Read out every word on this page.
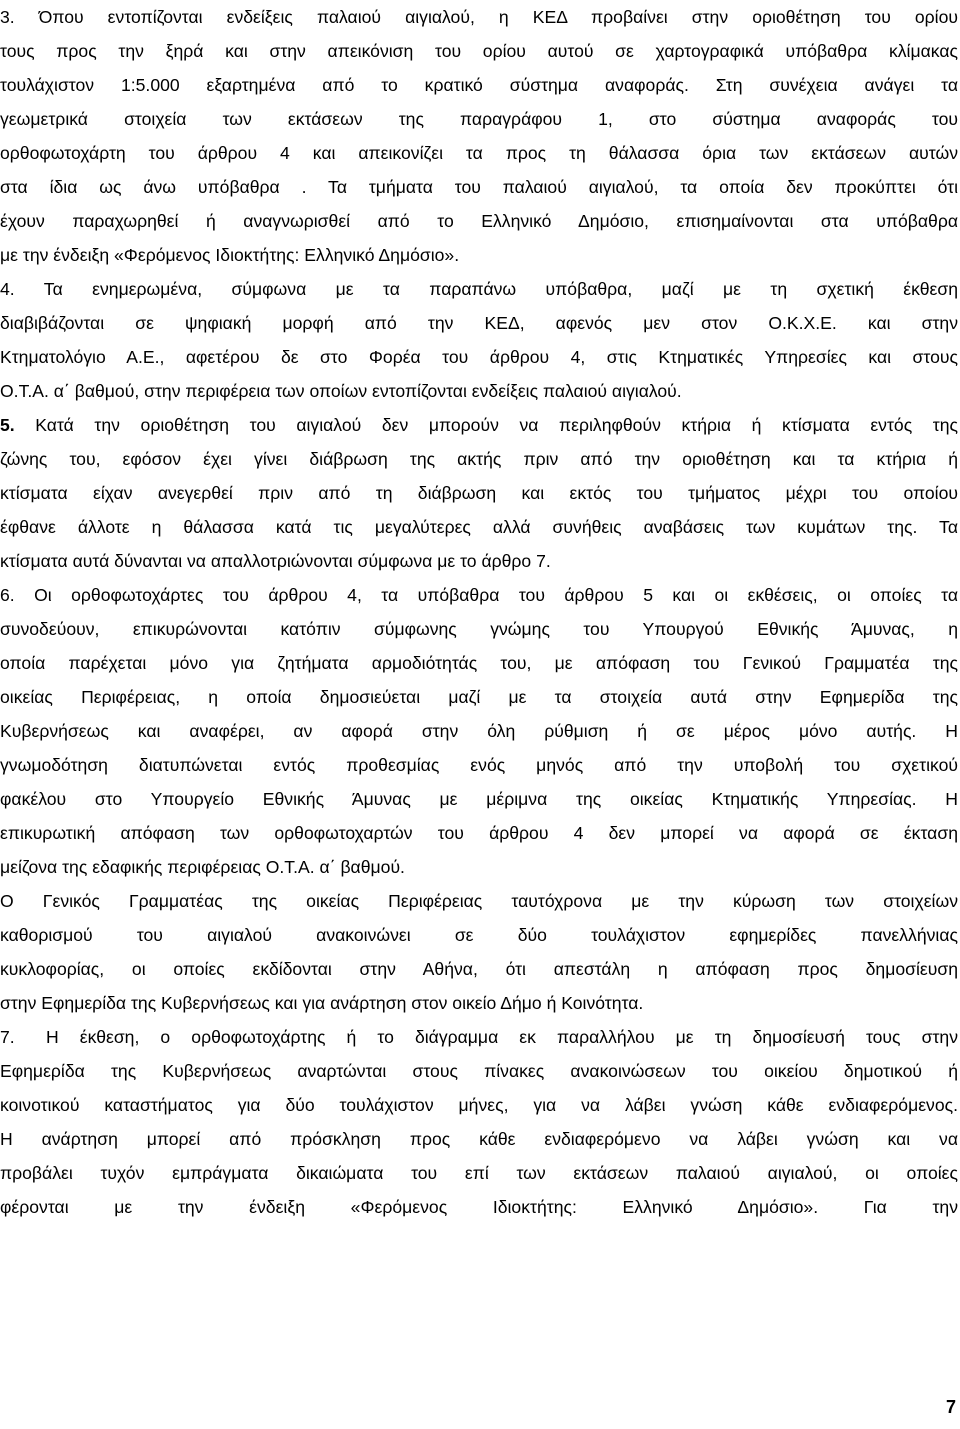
3. Όπου εντοπίζονται ενδείξεις παλαιού αιγιαλού, η ΚΕΔ προβαίνει στην οριοθέτηση του ορίου
τους προς την ξηρά και στην απεικόνιση του ορίου αυτού σε χαρτογραφικά υπόβαθρα κλίμακας
τουλάχιστον 1:5.000 εξαρτημένα από το κρατικό σύστημα αναφοράς. Στη συνέχεια ανάγει τα
γεωμετρικά στοιχεία των εκτάσεων της παραγράφου 1, στο σύστημα αναφοράς του
ορθοφωτοχάρτη του άρθρου 4 και απεικονίζει τα προς τη θάλασσα όρια των εκτάσεων αυτών
στα ίδια ως άνω υπόβαθρα . Τα τμήματα του παλαιού αιγιαλού, τα οποία δεν προκύπτει ότι
έχουν παραχωρηθεί ή αναγνωρισθεί από το Ελληνικό Δημόσιο, επισημαίνονται στα υπόβαθρα
με την ένδειξη «Φερόμενος Ιδιοκτήτης: Ελληνικό Δημόσιο».
4. Τα ενημερωμένα, σύμφωνα με τα παραπάνω υπόβαθρα, μαζί με τη σχετική έκθεση
διαβιβάζονται σε ψηφιακή μορφή από την ΚΕΔ, αφενός μεν στον Ο.Κ.Χ.Ε. και στην
Κτηματολόγιο Α.Ε., αφετέρου δε στο Φορέα του άρθρου 4, στις Κτηματικές Υπηρεσίες και στους
Ο.Τ.Α. α΄ βαθμού, στην περιφέρεια των οποίων εντοπίζονται ενδείξεις παλαιού αιγιαλού.
5. Κατά την οριοθέτηση του αιγιαλού δεν μπορούν να περιληφθούν κτήρια ή κτίσματα εντός της
ζώνης του, εφόσον έχει γίνει διάβρωση της ακτής πριν από την οριοθέτηση και τα κτήρια ή
κτίσματα είχαν ανεγερθεί πριν από τη διάβρωση και εκτός του τμήματος μέχρι του οποίου
έφθανε άλλοτε η θάλασσα κατά τις μεγαλύτερες αλλά συνήθεις αναβάσεις των κυμάτων της. Τα
κτίσματα αυτά δύνανται να απαλλοτριώνονται σύμφωνα με το άρθρο 7.
6. Οι ορθοφωτοχάρτες του άρθρου 4, τα υπόβαθρα του άρθρου 5 και οι εκθέσεις, οι οποίες τα
συνοδεύουν, επικυρώνονται κατόπιν σύμφωνης γνώμης του Υπουργού Εθνικής Άμυνας, η
οποία παρέχεται μόνο για ζητήματα αρμοδιότητάς του, με απόφαση του Γενικού Γραμματέα της
οικείας Περιφέρειας, η οποία δημοσιεύεται μαζί με τα στοιχεία αυτά στην Εφημερίδα της
Κυβερνήσεως και αναφέρει, αν αφορά στην όλη ρύθμιση ή σε μέρος μόνο αυτής. Η
γνωμοδότηση διατυπώνεται εντός προθεσμίας ενός μηνός από την υποβολή του σχετικού
φακέλου στο Υπουργείο Εθνικής Άμυνας με μέριμνα της οικείας Κτηματικής Υπηρεσίας. Η
επικυρωτική απόφαση των ορθοφωτοχαρτών του άρθρου 4 δεν μπορεί να αφορά σε έκταση
μείζονα της εδαφικής περιφέρειας Ο.Τ.Α. α΄ βαθμού.
Ο Γενικός Γραμματέας της οικείας Περιφέρειας ταυτόχρονα με την κύρωση των στοιχείων
καθορισμού του αιγιαλού ανακοινώνει σε δύο τουλάχιστον εφημερίδες πανελλήνιας
κυκλοφορίας, οι οποίες εκδίδονται στην Αθήνα, ότι απεστάλη η απόφαση προς δημοσίευση
στην Εφημερίδα της Κυβερνήσεως και για ανάρτηση στον οικείο Δήμο ή Κοινότητα.
7. Η έκθεση, ο ορθοφωτοχάρτης ή το διάγραμμα εκ παραλλήλου με τη δημοσίευσή τους στην
Εφημερίδα της Κυβερνήσεως αναρτώνται στους πίνακες ανακοινώσεων του οικείου δημοτικού ή
κοινοτικού καταστήματος για δύο τουλάχιστον μήνες, για να λάβει γνώση κάθε ενδιαφερόμενος.
Η ανάρτηση μπορεί από πρόσκληση προς κάθε ενδιαφερόμενο να λάβει γνώση και να
προβάλει τυχόν εμπράγματα δικαιώματα του επί των εκτάσεων παλαιού αιγιαλού, οι οποίες
φέρονται με την ένδειξη «Φερόμενος Ιδιοκτήτης: Ελληνικό Δημόσιο». Για την
7
